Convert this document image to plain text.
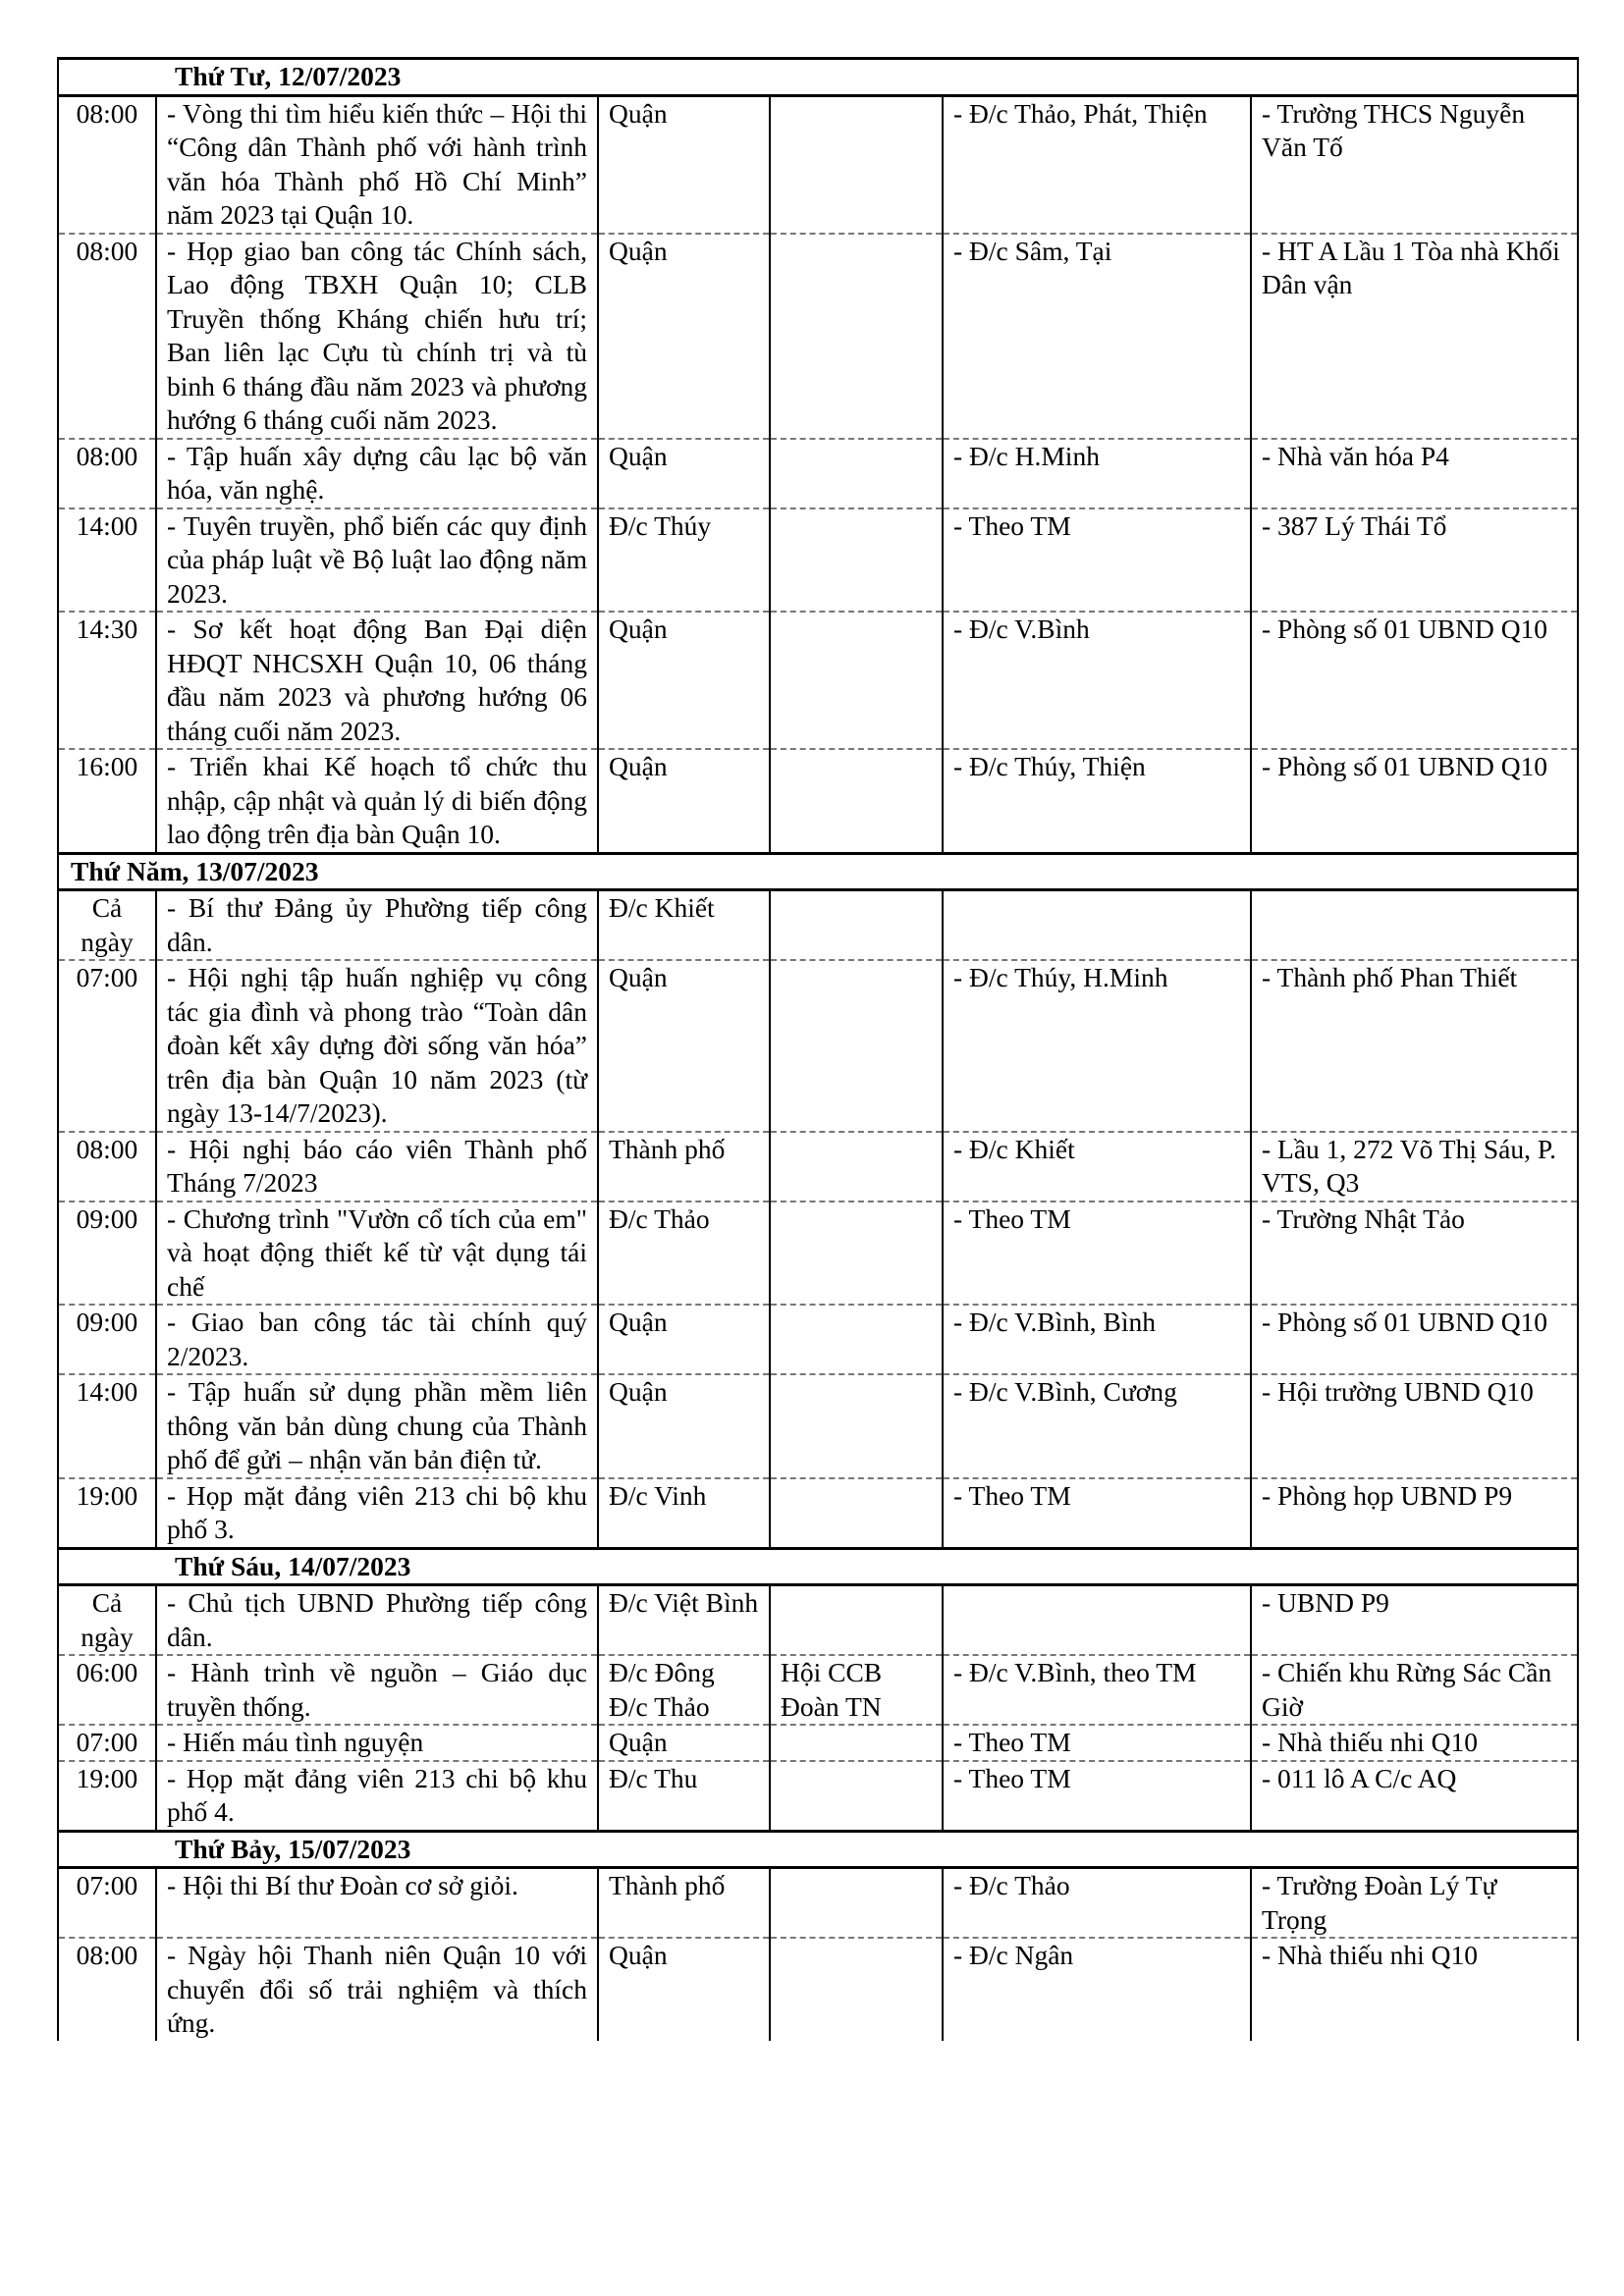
Thứ Tư, 12/07/2023					
08:00	- Vòng thi tìm hiểu kiến thức – Hội thi “Công dân Thành phố với hành trình văn hóa Thành phố Hồ Chí Minh” năm 2023 tại Quận 10.	Quận		- Đ/c Thảo, Phát, Thiện	- Trường THCS Nguyễn Văn Tố
08:00	- Họp giao ban công tác Chính sách, Lao động TBXH Quận 10; CLB Truyền thống Kháng chiến hưu trí; Ban liên lạc Cựu tù chính trị và tù binh 6 tháng đầu năm 2023 và phương hướng 6 tháng cuối năm 2023.	Quận		- Đ/c Sâm, Tại	- HT A Lầu 1 Tòa nhà Khối Dân vận
08:00	- Tập huấn xây dựng câu lạc bộ văn hóa, văn nghệ.	Quận		- Đ/c H.Minh	- Nhà văn hóa P4
14:00	- Tuyên truyền, phổ biến các quy định của pháp luật về Bộ luật lao động năm 2023.	Đ/c Thúy		- Theo TM	- 387 Lý Thái Tổ
14:30	- Sơ kết hoạt động Ban Đại diện HĐQT NHCSXH Quận 10, 06 tháng đầu năm 2023 và phương hướng 06 tháng cuối năm 2023.	Quận		- Đ/c V.Bình	- Phòng số 01 UBND Q10
16:00	- Triển khai Kế hoạch tổ chức thu nhập, cập nhật và quản lý di biến động lao động trên địa bàn Quận 10.	Quận		- Đ/c Thúy, Thiện	- Phòng số 01 UBND Q10
Thứ Năm, 13/07/2023					
Cả ngày	- Bí thư Đảng ủy Phường tiếp công dân.	Đ/c Khiết			
07:00	- Hội nghị tập huấn nghiệp vụ công tác gia đình và phong trào “Toàn dân đoàn kết xây dựng đời sống văn hóa” trên địa bàn Quận 10 năm 2023 (từ ngày 13-14/7/2023).	Quận		- Đ/c Thúy, H.Minh	- Thành phố Phan Thiết
08:00	- Hội nghị báo cáo viên Thành phố Tháng 7/2023	Thành phố		- Đ/c Khiết	- Lầu 1, 272 Võ Thị Sáu, P. VTS, Q3
09:00	- Chương trình "Vườn cổ tích của em" và hoạt động thiết kế từ vật dụng tái chế	Đ/c Thảo		- Theo TM	- Trường Nhật Tảo
09:00	- Giao ban công tác tài chính quý 2/2023.	Quận		- Đ/c V.Bình, Bình	- Phòng số 01 UBND Q10
14:00	- Tập huấn sử dụng phần mềm liên thông văn bản dùng chung của Thành phố để gửi – nhận văn bản điện tử.	Quận		- Đ/c V.Bình, Cương	- Hội trường UBND Q10
19:00	- Họp mặt đảng viên 213 chi bộ khu phố 3.	Đ/c Vinh		- Theo TM	- Phòng họp UBND P9
Thứ Sáu, 14/07/2023					
Cả ngày	- Chủ tịch UBND Phường tiếp công dân.	Đ/c Việt Bình			- UBND P9
06:00	- Hành trình về nguồn – Giáo dục truyền thống.	Đ/c Đông Đ/c Thảo	Hội CCB Đoàn TN	- Đ/c V.Bình, theo TM	- Chiến khu Rừng Sác Cần Giờ
07:00	- Hiến máu tình nguyện	Quận		- Theo TM	- Nhà thiếu nhi Q10
19:00	- Họp mặt đảng viên 213 chi bộ khu phố 4.	Đ/c Thu		- Theo TM	- 011 lô A C/c AQ
Thứ Bảy, 15/07/2023					
07:00	- Hội thi Bí thư Đoàn cơ sở giỏi.	Thành phố		- Đ/c Thảo	- Trường Đoàn Lý Tự Trọng
08:00	- Ngày hội Thanh niên Quận 10 với chuyển đổi số trải nghiệm và thích ứng.	Quận		- Đ/c Ngân	- Nhà thiếu nhi Q10
